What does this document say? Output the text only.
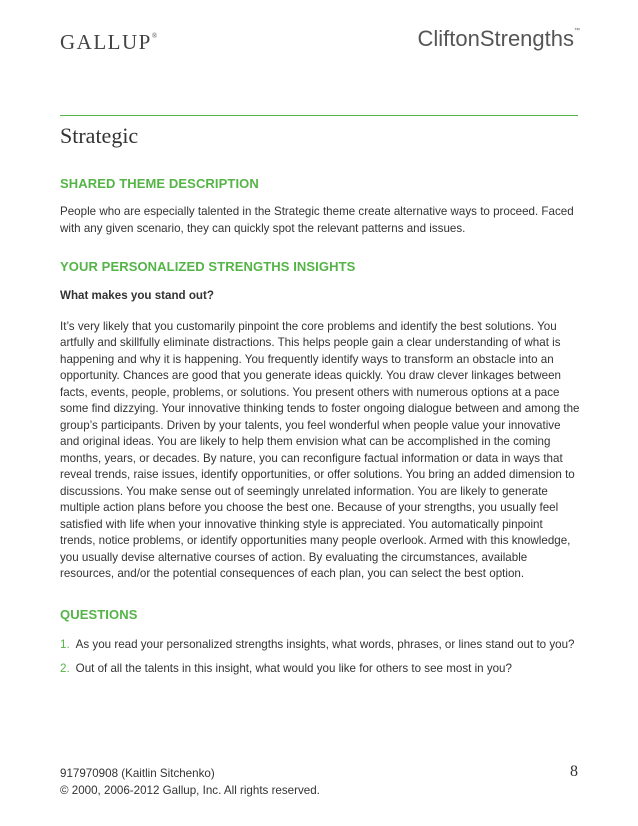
GALLUP®	CliftonStrengths™
Strategic
SHARED THEME DESCRIPTION

People who are especially talented in the Strategic theme create alternative ways to proceed. Faced with any given scenario, they can quickly spot the relevant patterns and issues.

YOUR PERSONALIZED STRENGTHS INSIGHTS

What makes you stand out?

It’s very likely that you customarily pinpoint the core problems and identify the best solutions. You artfully and skillfully eliminate distractions. This helps people gain a clear understanding of what is happening and why it is happening. You frequently identify ways to transform an obstacle into an opportunity. Chances are good that you generate ideas quickly. You draw clever linkages between facts, events, people, problems, or solutions. You present others with numerous options at a pace some find dizzying. Your innovative thinking tends to foster ongoing dialogue between and among the group’s participants. Driven by your talents, you feel wonderful when people value your innovative and original ideas. You are likely to help them envision what can be accomplished in the coming months, years, or decades. By nature, you can reconfigure factual information or data in ways that reveal trends, raise issues, identify opportunities, or offer solutions. You bring an added dimension to discussions. You make sense out of seemingly unrelated information. You are likely to generate multiple action plans before you choose the best one. Because of your strengths, you usually feel satisfied with life when your innovative thinking style is appreciated. You automatically pinpoint trends, notice problems, or identify opportunities many people overlook. Armed with this knowledge, you usually devise alternative courses of action. By evaluating the circumstances, available resources, and/or the potential consequences of each plan, you can select the best option.

QUESTIONS
1. As you read your personalized strengths insights, what words, phrases, or lines stand out to you?
2. Out of all the talents in this insight, what would you like for others to see most in you?
917970908 (Kaitlin Sitchenko)
© 2000, 2006-2012 Gallup, Inc. All rights reserved.
8
